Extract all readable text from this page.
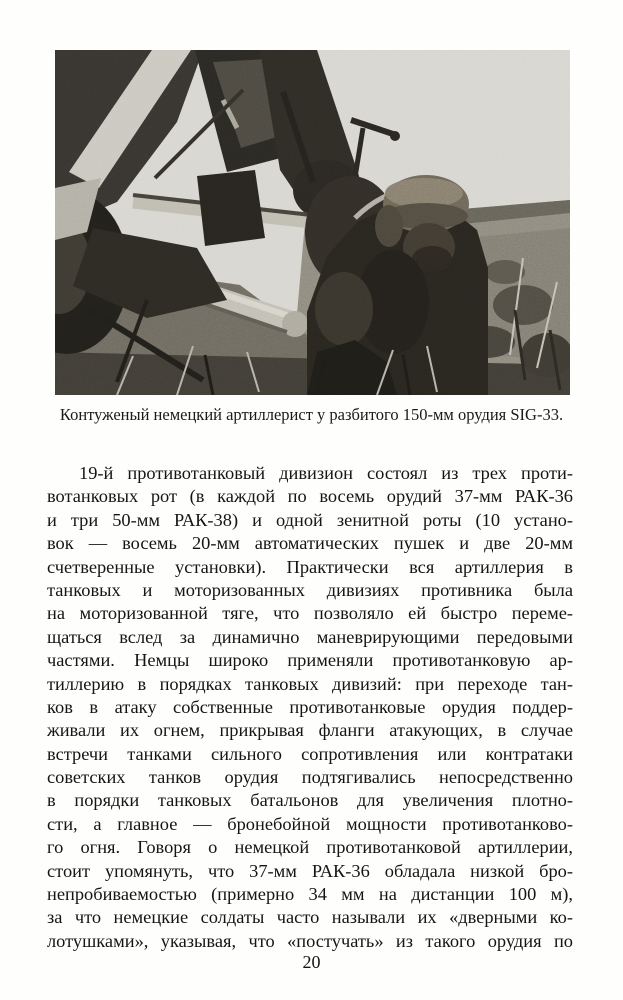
Контуженый немецкий артиллерист у разбитого 150-мм орудия SIG-33.
19-й противотанковый дивизион состоял из трех проти-
вотанковых рот (в каждой по восемь орудий 37-мм РАК-36
и три 50-мм РАК-38) и одной зенитной роты (10 устано-
вок — восемь 20-мм автоматических пушек и две 20-мм
счетверенные установки). Практически вся артиллерия в
танковых и моторизованных дивизиях противника была
на моторизованной тяге, что позволяло ей быстро переме-
щаться вслед за динамично маневрирующими передовыми
частями. Немцы широко применяли противотанковую ар-
тиллерию в порядках танковых дивизий: при переходе тан-
ков в атаку собственные противотанковые орудия поддер-
живали их огнем, прикрывая фланги атакующих, в случае
встречи танками сильного сопротивления или контратаки
советских танков орудия подтягивались непосредственно
в порядки танковых батальонов для увеличения плотно-
сти, а главное — бронебойной мощности противотанково-
го огня. Говоря о немецкой противотанковой артиллерии,
стоит упомянуть, что 37-мм РАК-36 обладала низкой бро-
непробиваемостью (примерно 34 мм на дистанции 100 м),
за что немецкие солдаты часто называли их «дверными ко-
лотушками», указывая, что «постучать» из такого орудия по
20
